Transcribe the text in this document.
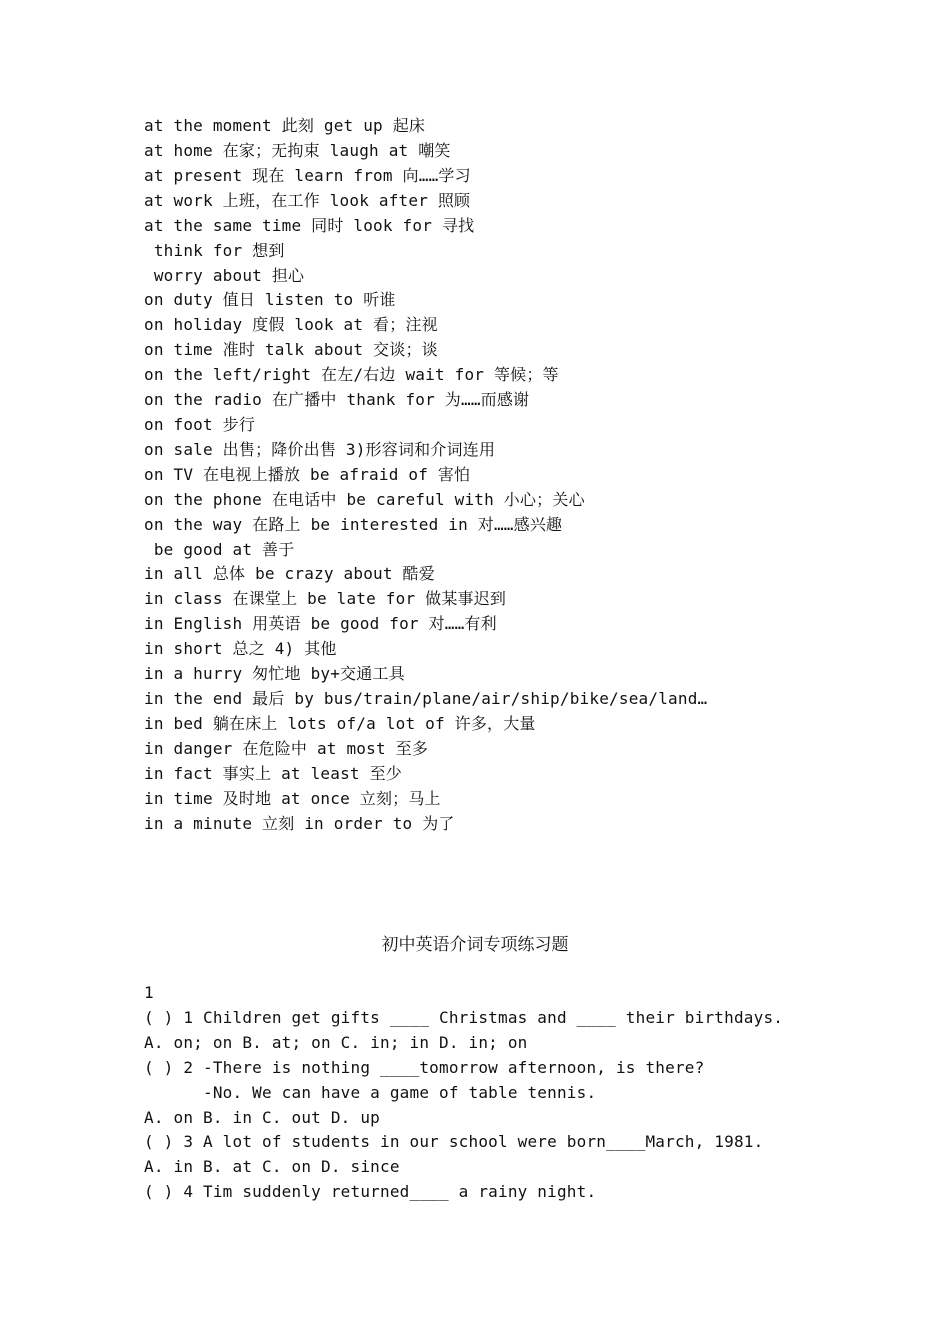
at the moment 此刻 get up 起床
at home 在家；无拘束 laugh at 嘲笑
at present 现在 learn from 向……学习
at work 上班，在工作 look after 照顾
at the same time 同时 look for 寻找
think for 想到
worry about 担心
on duty 值日 listen to 听谁
on holiday 度假 look at 看；注视
on time 准时 talk about 交谈；谈
on the left/right 在左/右边 wait for 等候；等
on the radio 在广播中 thank for 为……而感谢
on foot 步行
on sale 出售；降价出售 3)形容词和介词连用
on TV 在电视上播放 be afraid of 害怕
on the phone 在电话中 be careful with 小心；关心
on the way 在路上 be interested in 对……感兴趣
be good at 善于
in all 总体 be crazy about 酷爱
in class 在课堂上 be late for 做某事迟到
in English 用英语 be good for 对……有利
in short 总之 4) 其他
in a hurry 匆忙地 by+交通工具
in the end 最后 by bus/train/plane/air/ship/bike/sea/land…
in bed 躺在床上 lots of/a lot of 许多，大量
in danger 在危险中 at most 至多
in fact 事实上 at least 至少
in time 及时地 at once 立刻；马上
in a minute 立刻 in order to 为了
初中英语介词专项练习题
1
( ) 1 Children get gifts ____ Christmas and ____ their birthdays.
A. on; on B. at; on C. in; in D. in; on
( ) 2 -There is nothing ____tomorrow afternoon, is there?
-No. We can have a game of table tennis.
A. on B. in C. out D. up
( ) 3 A lot of students in our school were born____March, 1981.
A. in B. at C. on D. since
( ) 4 Tim suddenly returned____ a rainy night.
